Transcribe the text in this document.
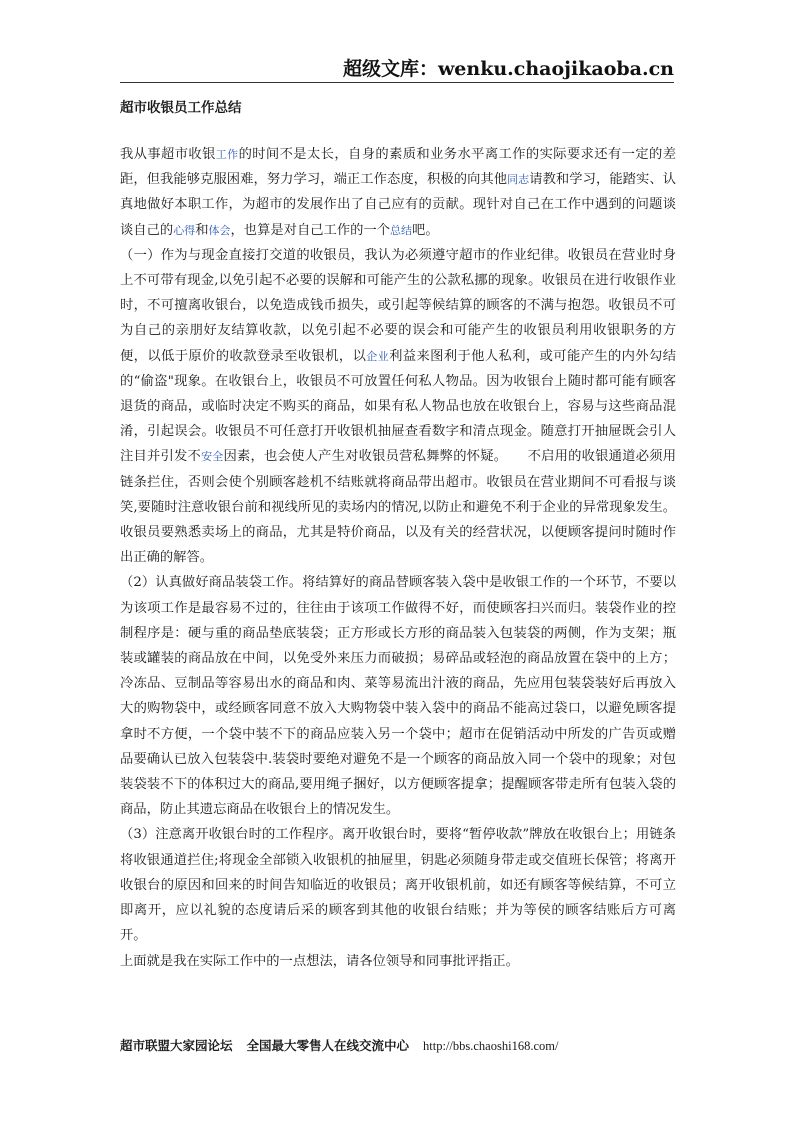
超级文库：wenku.chaojikaoba.cn
超市收银员工作总结

我从事超市收银工作的时间不是太长，自身的素质和业务水平离工作的实际要求还有一定的差距，但我能够克服困难，努力学习，端正工作态度，积极的向其他同志请教和学习，能踏实、认真地做好本职工作，为超市的发展作出了自己应有的贡献。现针对自己在工作中遇到的问题谈谈自己的心得和体会，也算是对自己工作的一个总结吧。

（一）作为与现金直接打交道的收银员，我认为必须遵守超市的作业纪律。收银员在营业时身上不可带有现金,以免引起不必要的误解和可能产生的公款私挪的现象。收银员在进行收银作业时，不可擅离收银台，以免造成钱币损失，或引起等候结算的顾客的不满与抱怨。收银员不可为自己的亲朋好友结算收款，以免引起不必要的误会和可能产生的收银员利用收银职务的方便，以低于原价的收款登录至收银机，以企业利益来图利于他人私利，或可能产生的内外勾结的“偷盗"现象。在收银台上，收银员不可放置任何私人物品。因为收银台上随时都可能有顾客退货的商品，或临时决定不购买的商品，如果有私人物品也放在收银台上，容易与这些商品混淆，引起误会。收银员不可任意打开收银机抽屉查看数字和清点现金。随意打开抽屉既会引人注目并引发不安全因素，也会使人产生对收银员营私舞弊的怀疑。　　不启用的收银通道必须用链条拦住，否则会使个别顾客趁机不结账就将商品带出超市。收银员在营业期间不可看报与谈笑,要随时注意收银台前和视线所见的卖场内的情况,以防止和避免不利于企业的异常现象发生。收银员要熟悉卖场上的商品，尤其是特价商品，以及有关的经营状况，以便顾客提问时随时作出正确的解答。

（2）认真做好商品装袋工作。将结算好的商品替顾客装入袋中是收银工作的一个环节，不要以为该项工作是最容易不过的，往往由于该项工作做得不好，而使顾客扫兴而归。装袋作业的控制程序是：硬与重的商品垫底装袋；正方形或长方形的商品装入包装袋的两侧，作为支架；瓶装或罐装的商品放在中间，以免受外来压力而破损；易碎品或轻泡的商品放置在袋中的上方；冷冻品、豆制品等容易出水的商品和肉、菜等易流出汁液的商品，先应用包装袋装好后再放入大的购物袋中，或经顾客同意不放入大购物袋中装入袋中的商品不能高过袋口，以避免顾客提拿时不方便，一个袋中装不下的商品应装入另一个袋中；超市在促销活动中所发的广告页或赠品要确认已放入包装袋中.装袋时要绝对避免不是一个顾客的商品放入同一个袋中的现象；对包装袋装不下的体积过大的商品,要用绳子捆好，以方便顾客提拿；提醒顾客带走所有包装入袋的商品，防止其遗忘商品在收银台上的情况发生。

（3）注意离开收银台时的工作程序。离开收银台时，要将“暂停收款”牌放在收银台上；用链条将收银通道拦住;将现金全部锁入收银机的抽屉里，钥匙必须随身带走或交值班长保管；将离开收银台的原因和回来的时间告知临近的收银员；离开收银机前，如还有顾客等候结算，不可立即离开，应以礼貌的态度请后采的顾客到其他的收银台结账；并为等侯的顾客结账后方可离开。

上面就是我在实际工作中的一点想法，请各位领导和同事批评指正。

超市联盟大家园论坛 全国最大零售人在线交流中心 http://bbs.chaoshi168.com/
